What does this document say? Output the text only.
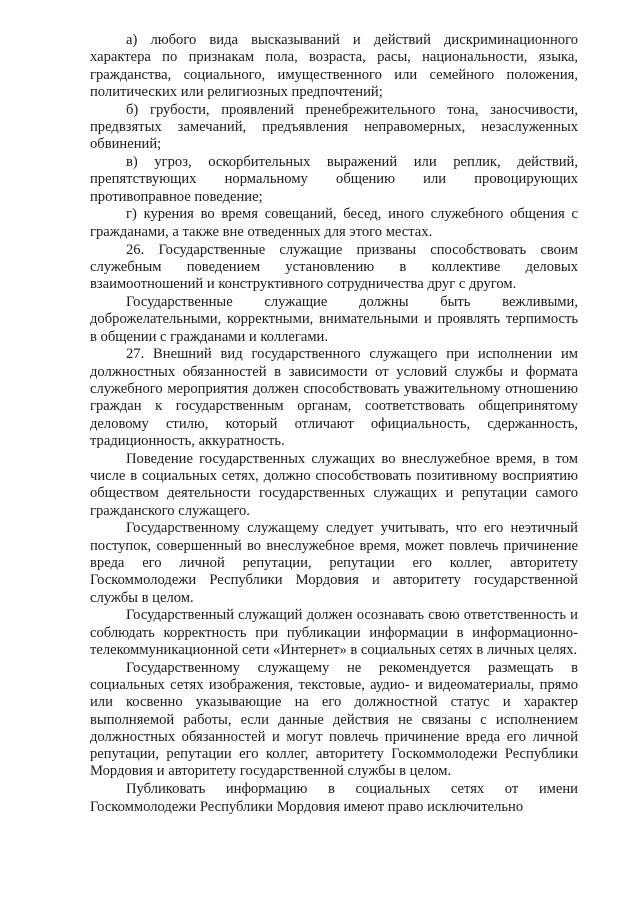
а) любого вида высказываний и действий дискриминационного характера по признакам пола, возраста, расы, национальности, языка, гражданства, социального, имущественного или семейного положения, политических или религиозных предпочтений;

б) грубости, проявлений пренебрежительного тона, заносчивости, предвзятых замечаний, предъявления неправомерных, незаслуженных обвинений;

в) угроз, оскорбительных выражений или реплик, действий, препятствующих нормальному общению или провоцирующих противоправное поведение;

г) курения во время совещаний, бесед, иного служебного общения с гражданами, а также вне отведенных для этого местах.

26. Государственные служащие призваны способствовать своим служебным поведением установлению в коллективе деловых взаимоотношений и конструктивного сотрудничества друг с другом.

Государственные служащие должны быть вежливыми, доброжелательными, корректными, внимательными и проявлять терпимость в общении с гражданами и коллегами.

27. Внешний вид государственного служащего при исполнении им должностных обязанностей в зависимости от условий службы и формата служебного мероприятия должен способствовать уважительному отношению граждан к государственным органам, соответствовать общепринятому деловому стилю, который отличают официальность, сдержанность, традиционность, аккуратность.

Поведение государственных служащих во внеслужебное время, в том числе в социальных сетях, должно способствовать позитивному восприятию обществом деятельности государственных служащих и репутации самого гражданского служащего.

Государственному служащему следует учитывать, что его неэтичный поступок, совершенный во внеслужебное время, может повлечь причинение вреда его личной репутации, репутации его коллег, авторитету Госкоммолодежи Республики Мордовия и авторитету государственной службы в целом.

Государственный служащий должен осознавать свою ответственность и соблюдать корректность при публикации информации в информационно-телекоммуникационной сети «Интернет» в социальных сетях в личных целях.

Государственному служащему не рекомендуется размещать в социальных сетях изображения, текстовые, аудио- и видеоматериалы, прямо или косвенно указывающие на его должностной статус и характер выполняемой работы, если данные действия не связаны с исполнением должностных обязанностей и могут повлечь причинение вреда его личной репутации, репутации его коллег, авторитету Госкоммолодежи Республики Мордовия и авторитету государственной службы в целом.

Публиковать информацию в социальных сетях от имени Госкоммолодежи Республики Мордовия имеют право исключительно
